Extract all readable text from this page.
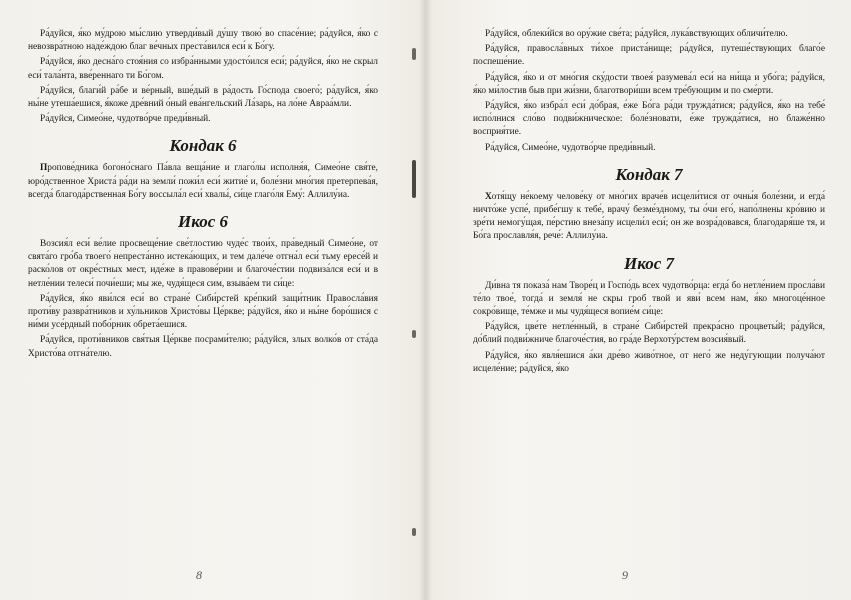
Ра́дуйся, я́ко му́дрою мы́слию утверди́вый ду́шу твою́ во спасе́ние; ра́дуйся, я́ко с невозвра́тною наде́ждою благ ве́чных преста́вился еси́ к Бо́гу.

Ра́дуйся, я́ко десна́го стоя́ния со избра́нными удосто́ился еси́; ра́дуйся, я́ко не скрыл еси́ тала́нта, вве́реннаго ти Бо́гом.

Ра́дуйся, благи́й ра́бе и ве́рный, вше́дый в ра́дость Го́спода своего́; ра́дуйся, я́ко ны́не утеша́ешися, я́коже дре́вний о́ный ева́нгельский Ла́зарь, на ло́не Авраа́мли.

Ра́дуйся, Симео́не, чудотво́рче преди́вный.

Кондак 6

Пропове́дника богоно́снаго Па́вла веща́ние и глаго́лы исполня́я, Симео́не свя́те, юро́дственное Христа́ ра́ди на земли́ пожи́л еси́ житие́ и, боле́зни мно́гия претерпева́я, всегда́ благода́рственная Бо́гу воссыла́л еси́ хвалы́, си́це глаго́ля Ему́: Аллилу́иа.

Икос 6

Возсия́л еси́ ве́лие просвеще́ние све́тлостию чуде́с твои́х, пра́ведный Симео́не, от свята́го гро́ба твоего́ непреста́нно истека́ющих, и тем дале́че отгна́л еси́ тьму ересе́й и раско́лов от окре́стных мест, иде́же в правове́рии и благоче́стии подвиза́лся еси́ и в нетле́нии телеси́ почи́еши; мы же, чудя́щеся сим, взыва́ем ти си́це:

Ра́дуйся, я́ко яви́лся еси́ во стране́ Сиби́рстей кре́пкий защи́тник Правосла́вия проти́ву развра́тников и ху́льников Христо́вы Це́ркве; ра́дуйся, я́ко и ны́не боро́шися с ни́ми усе́рдный побо́рник обрета́ешися.

Ра́дуйся, проти́вников свя́тыя Це́ркве посрами́телю; ра́дуйся, злых волко́в от ста́да Христо́ва отгна́телю.

8

Ра́дуйся, облеки́йся во ору́жие све́та; ра́дуйся, лука́вствующих обличи́телю.

Ра́дуйся, правосла́вных ти́хое приста́нище; ра́дуйся, путеше́ствующих благо́е поспеше́ние.

Ра́дуйся, я́ко и от мно́гия ску́дости твоея́ разумева́л еси́ на ни́ща и убо́га; ра́дуйся, я́ко ми́лостив быв при жи́зни, благотвори́ши всем тре́бующим и по сме́рти.

Ра́дуйся, я́ко избра́л еси́ до́брая, е́же Бо́га ра́ди тружда́тися; ра́дуйся, я́ко на тебе́ испо́лнися сло́во подви́жническое: боле́зновати, е́же тружда́тися, но блаже́нно восприя́тие.

Ра́дуйся, Симео́не, чудотво́рче преди́вный.

Кондак 7

Хотя́щу не́коему челове́ку от мно́гих враче́в исцели́тися от очны́я боле́зни, и егда́ ничто́же успе́, прибе́гшу к тебе́, врачу́ безме́здному, ты о́чи его́, напо́лнены кро́вию и зре́ти немогу́щая, пе́рстию внеза́пу исцели́л еси́; он же возра́довався, благодаря́ше тя, и Бо́га прославля́я, рече́: Аллилу́иа.

Икос 7

Ди́вна тя показа́ нам Творе́ц и Госпо́дь всех чудотво́рца: егда́ бо нетле́нием просла́ви те́ло твое́, тогда́ и земля́ не скры гроб твой и яви́ всем нам, я́ко многоце́нное сокро́вище, те́мже и мы чудя́щеся вопие́м си́це:

Ра́дуйся, цве́те нетле́нный, в стране́ Сиби́рстей прекра́сно процветы́й; ра́дуйся, до́блий подви́жниче благоче́стия, во гра́де Верхоту́рстем возсия́вый.

Ра́дуйся, я́ко явля́ешися а́ки дре́во живо́тное, от него́ же неду́гующии получа́ют исцеле́ние; ра́дуйся, я́ко

9
